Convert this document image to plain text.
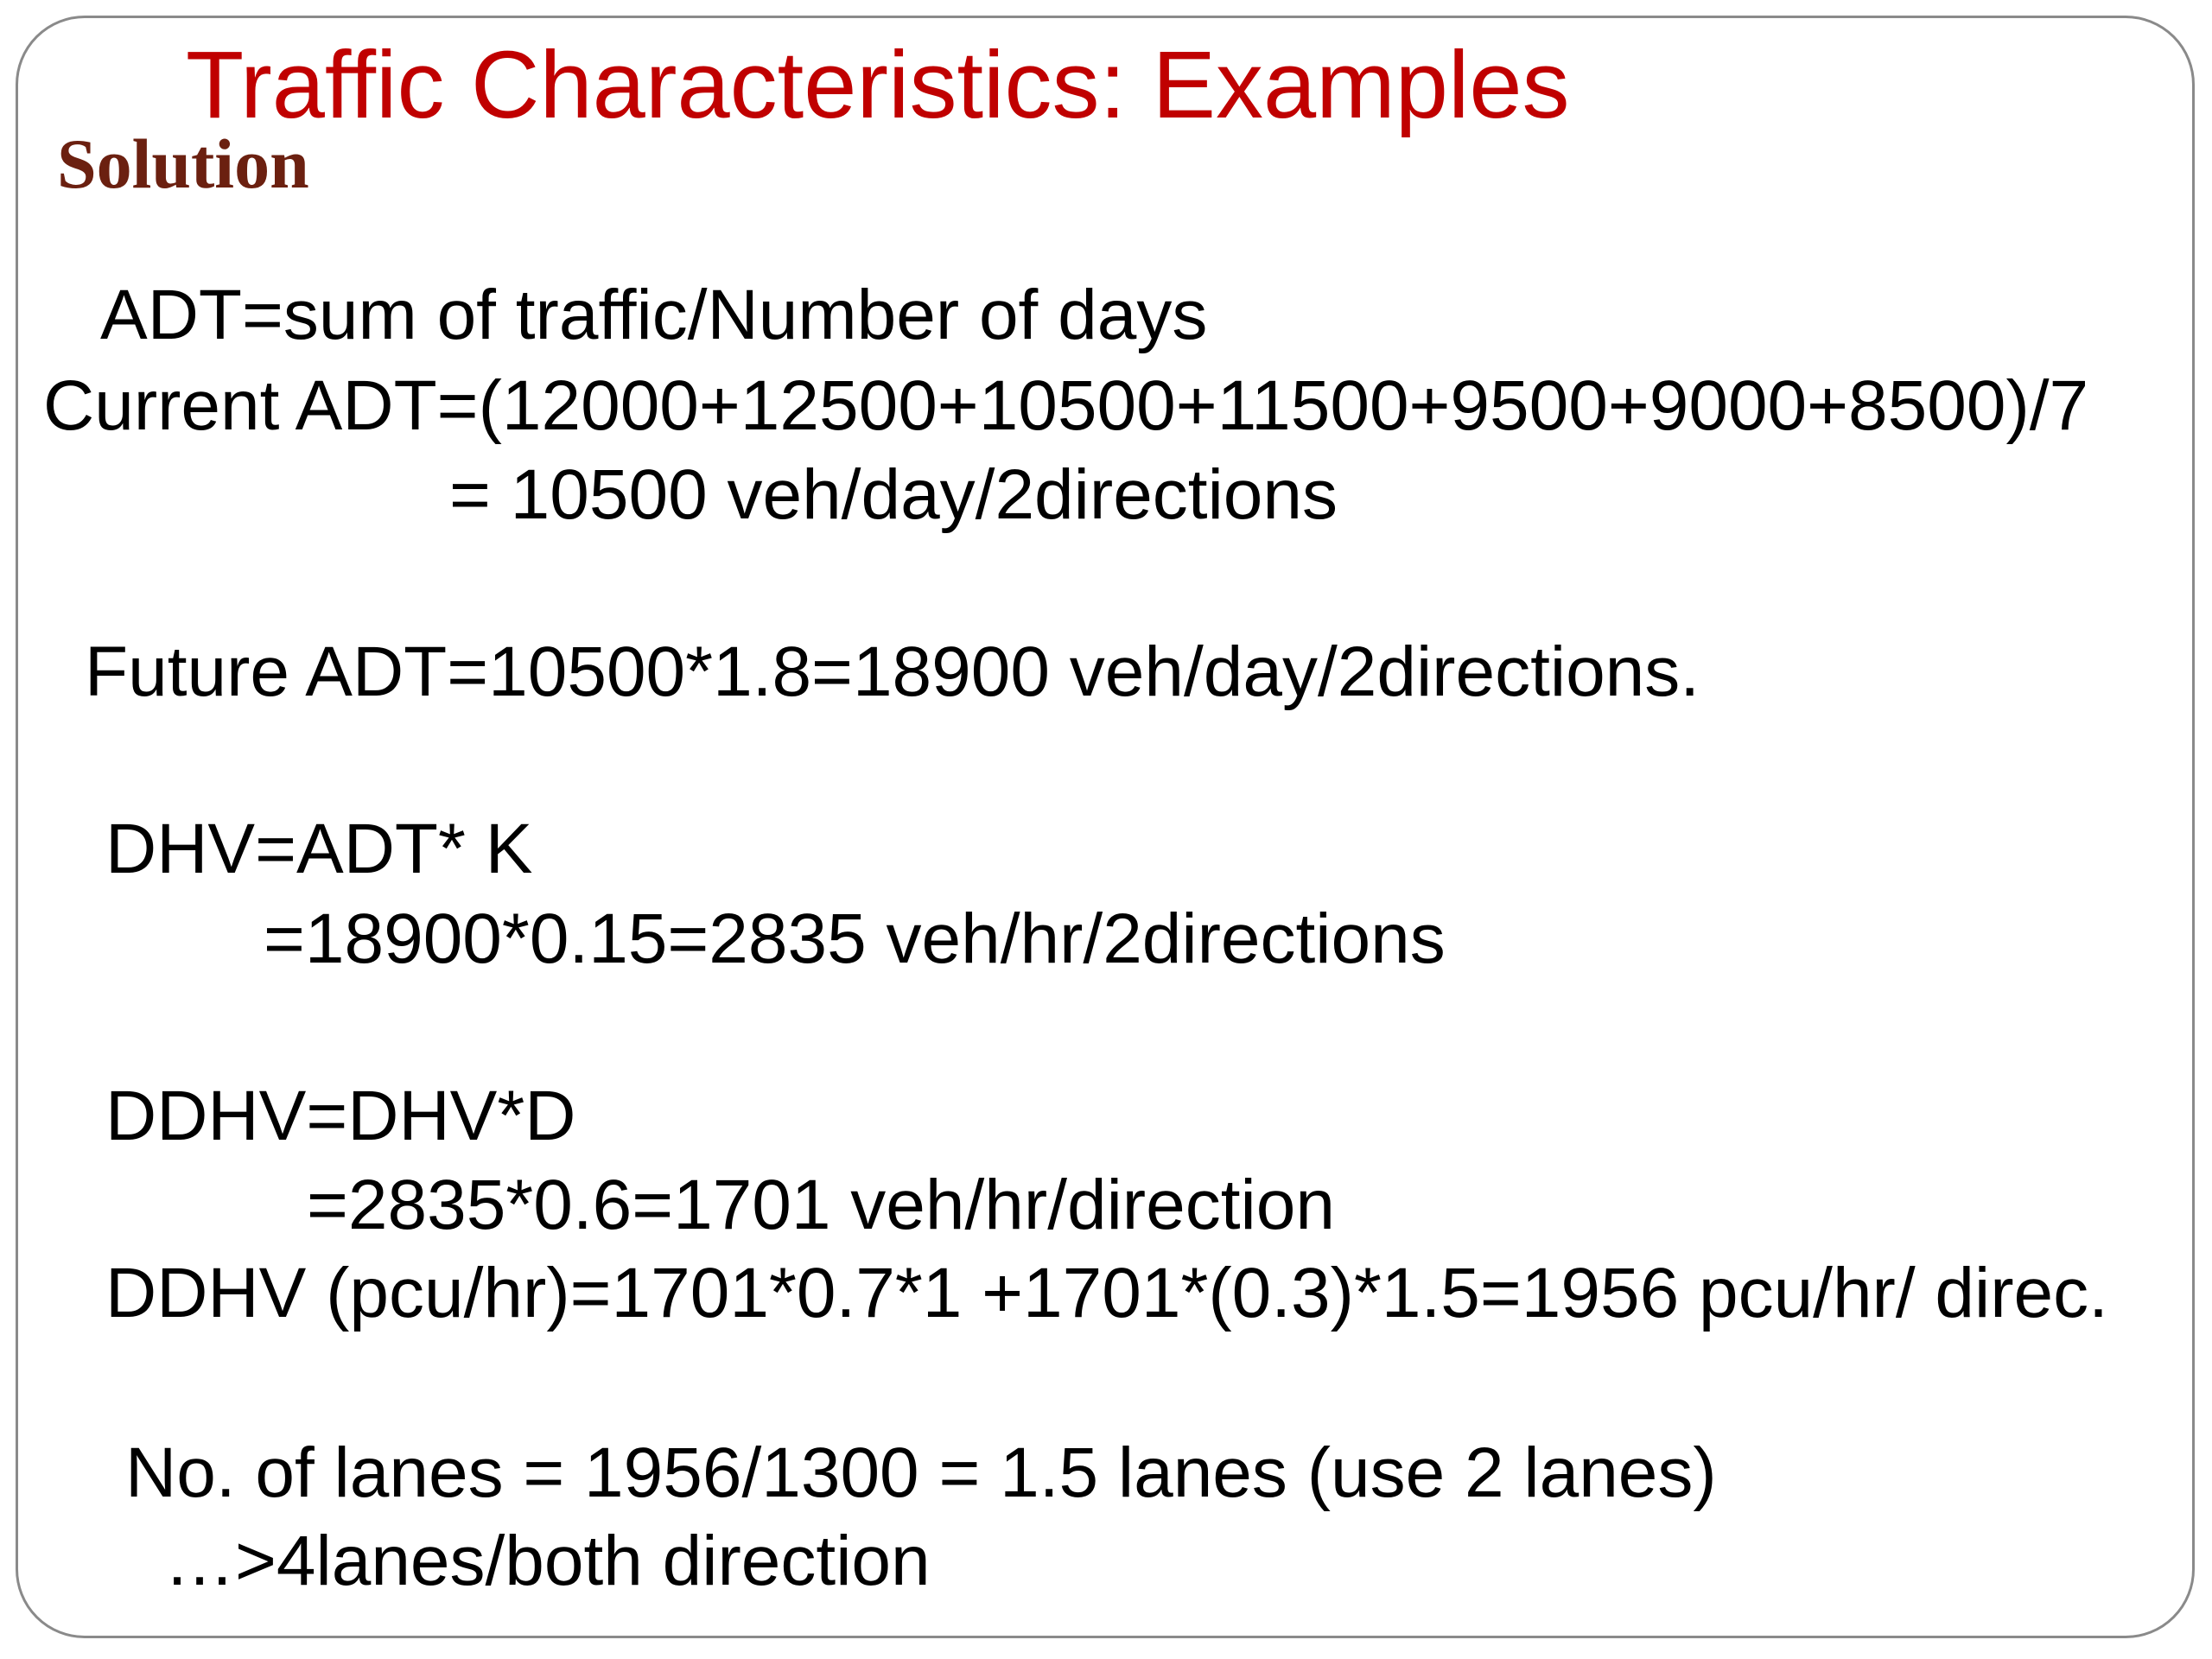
Traffic Characteristics: Examples
Solution
ADT=sum of traffic/Number of days
Current ADT=(12000+12500+10500+11500+9500+9000+8500)/7
= 10500 veh/day/2directions
Future ADT=10500*1.8=18900 veh/day/2directions.
DHV=ADT* K
=18900*0.15=2835 veh/hr/2directions
DDHV=DHV*D
=2835*0.6=1701 veh/hr/direction
DDHV (pcu/hr)=1701*0.7*1 +1701*(0.3)*1.5=1956 pcu/hr/ direc.
No. of lanes = 1956/1300 = 1.5 lanes (use 2 lanes)
…>4lanes/both direction
